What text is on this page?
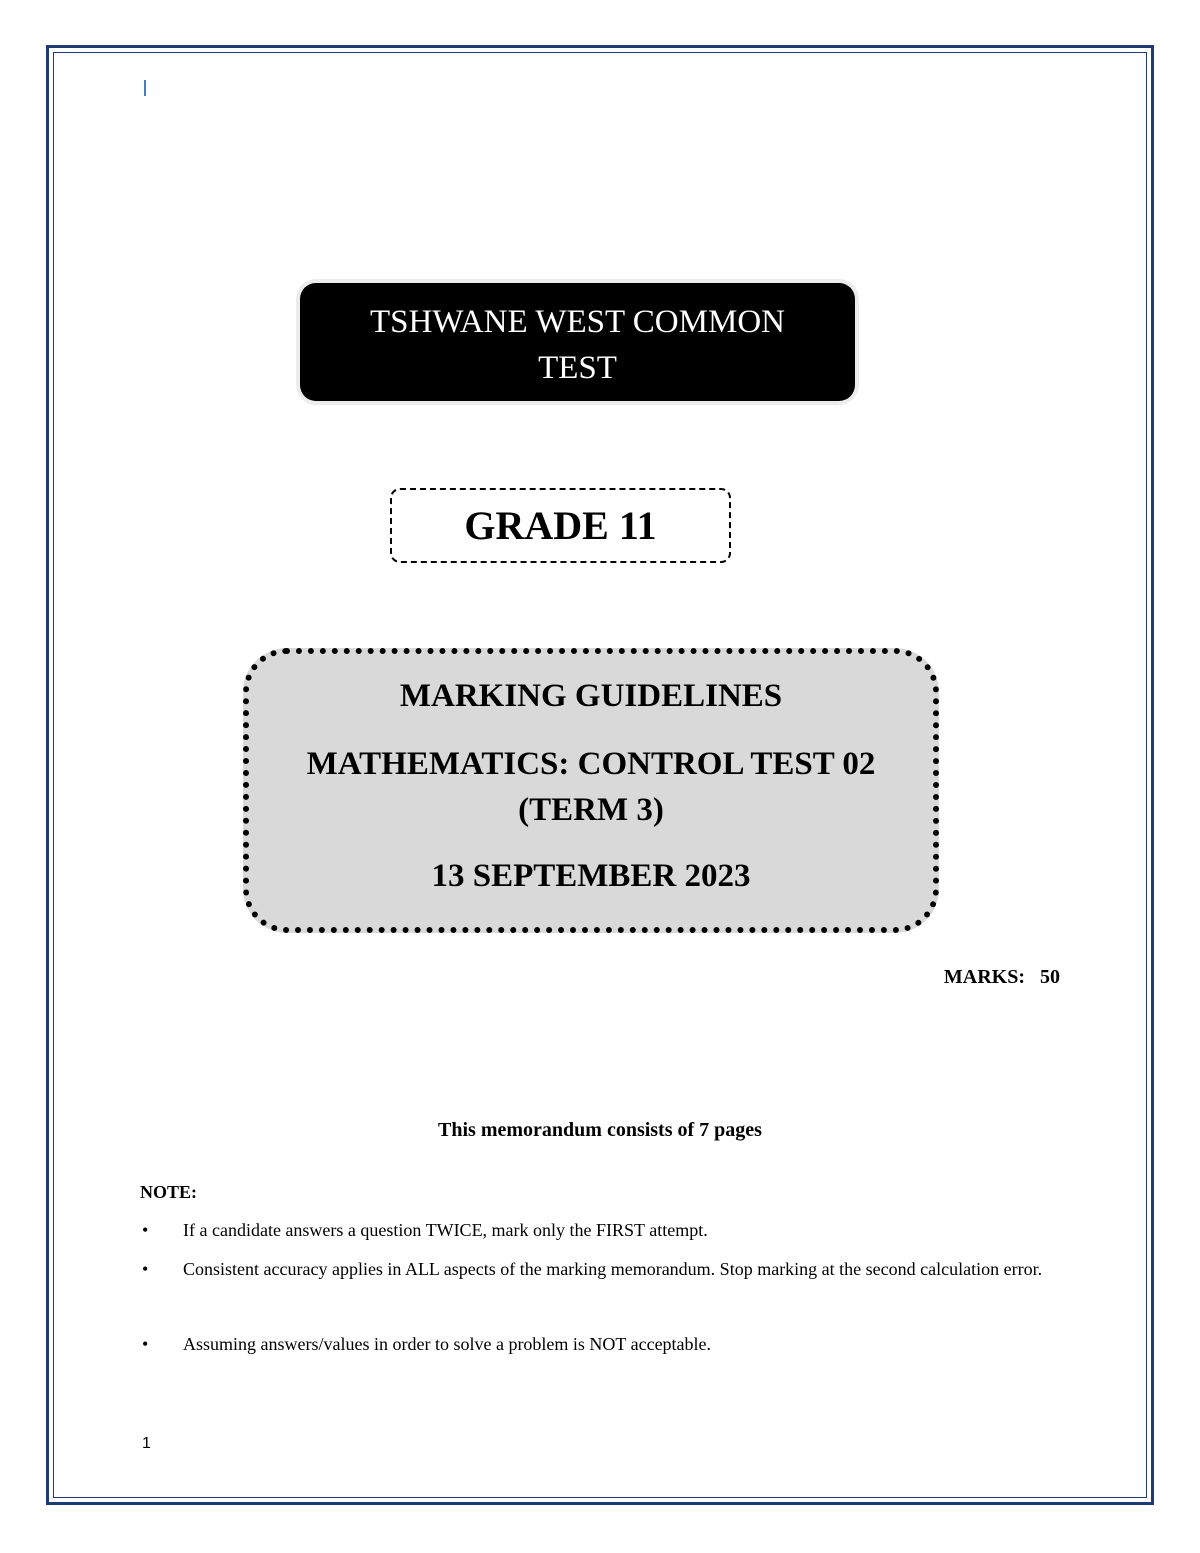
TSHWANE WEST COMMON
TEST
GRADE 11
MARKING GUIDELINES
MATHEMATICS: CONTROL TEST 02
(TERM 3)
13 SEPTEMBER 2023
MARKS:   50
This memorandum consists of 7 pages
NOTE:
• If a candidate answers a question TWICE, mark only the FIRST attempt.
• Consistent accuracy applies in ALL aspects of the marking memorandum. Stop marking at the second calculation error.
• Assuming answers/values in order to solve a problem is NOT acceptable.
1
